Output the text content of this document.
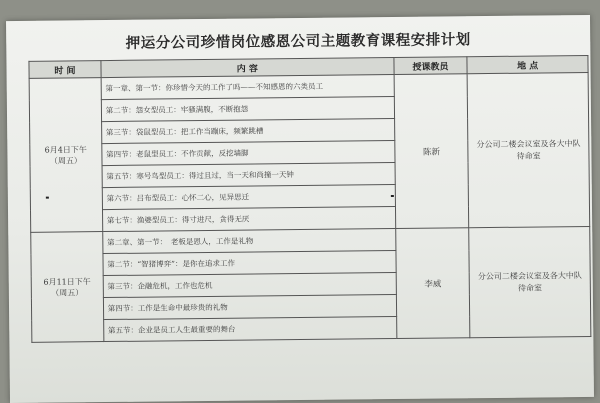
押运分公司珍惜岗位感恩公司主题教育课程安排计划
时 间	内 容	授课教员	地 点

6月4日下午
（周五）	第一章、第一节：你珍惜今天的工作了吗——不知感恩的六类员工	陈新	分公司二楼会议室及各大中队待命室

第二节：怨女型员工：牢骚满腹，不断抱怨		

第三节：袋鼠型员工：把工作当蹦床，频繁跳槽		

第四节：老鼠型员工：不作贡献，反挖墙脚		

第五节：寒号鸟型员工：得过且过，当一天和尚撞一天钟		

第六节：吕布型员工：心怀二心，见异思迁		

第七节：渔婆型员工：得寸进尺，贪得无厌		

6月11日下午
（周五）	第二章、第一节：　老板是恩人，工作是礼物	李威	分公司二楼会议室及各大中队待命室

第二节：“智猪博弈”：是你在追求工作		

第三节：企融危机，工作也危机		

第四节：工作是生命中最珍贵的礼物		

第五节：企业是员工人生最重要的舞台		
